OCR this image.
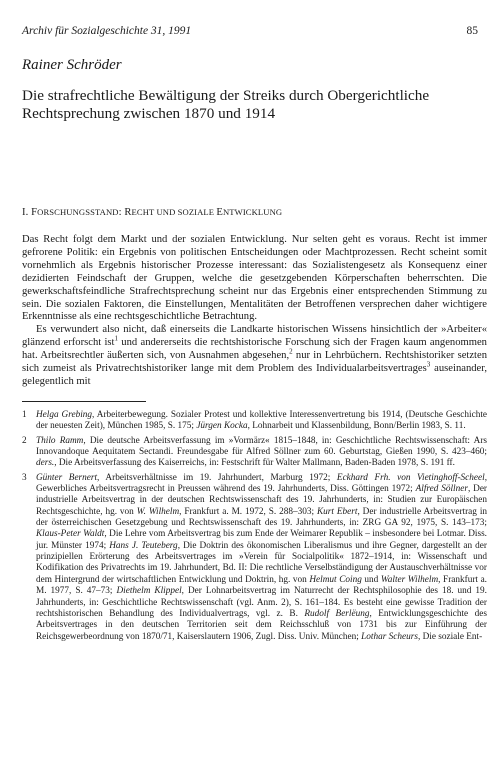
Archiv für Sozialgeschichte 31, 1991	85
Rainer Schröder
Die strafrechtliche Bewältigung der Streiks durch Obergerichtliche Rechtsprechung zwischen 1870 und 1914
I. FORSCHUNGSSTAND: RECHT UND SOZIALE ENTWICKLUNG

Das Recht folgt dem Markt und der sozialen Entwicklung. Nur selten geht es voraus. Recht ist immer gefrorene Politik: ein Ergebnis von politischen Entscheidungen oder Machtprozessen. Recht scheint somit vornehmlich als Ergebnis historischer Prozesse interessant: das Sozialistengesetz als Konsequenz einer dezidierten Feindschaft der Gruppen, welche die gesetzgebenden Körperschaften beherrschten. Die gewerkschaftsfeindliche Strafrechtsprechung scheint nur das Ergebnis einer entsprechenden Stimmung zu sein. Die sozialen Faktoren, die Einstellungen, Mentalitäten der Betroffenen versprechen daher wichtigere Erkenntnisse als eine rechtsgeschichtliche Betrachtung.

Es verwundert also nicht, daß einerseits die Landkarte historischen Wissens hinsichtlich der »Arbeiter« glänzend erforscht ist$^1$ und andererseits die rechtshistorische Forschung sich der Fragen kaum angenommen hat. Arbeitsrechtler äußerten sich, von Ausnahmen abgesehen,$^2$ nur in Lehrbüchern. Rechtshistoriker setzten sich zumeist als Privatrechtshistoriker lange mit dem Problem des Individualarbeitsvertrages$^3$ auseinander, gelegentlich mit

1 Helga Grebing, Arbeiterbewegung. Sozialer Protest und kollektive Interessenvertretung bis 1914, (Deutsche Geschichte der neuesten Zeit), München 1985, S. 175; Jürgen Kocka, Lohnarbeit und Klassenbildung, Bonn/Berlin 1983, S. 11.

2 Thilo Ramm, Die deutsche Arbeitsverfassung im »Vormärz« 1815–1848, in: Geschichtliche Rechtswissenschaft: Ars Innovandoque Aequitatem Sectandi. Freundesgabe für Alfred Söllner zum 60. Geburtstag, Gießen 1990, S. 423–460; ders., Die Arbeitsverfassung des Kaiserreichs, in: Festschrift für Walter Mallmann, Baden-Baden 1978, S. 191 ff.

3 Günter Bernert, Arbeitsverhältnisse im 19. Jahrhundert, Marburg 1972; Eckhard Frh. von Vietinghoff-Scheel, Gewerbliches Arbeitsvertragsrecht in Preussen während des 19. Jahrhunderts, Diss. Göttingen 1972; Alfred Söllner, Der industrielle Arbeitsvertrag in der deutschen Rechtswissenschaft des 19. Jahrhunderts, in: Studien zur Europäischen Rechtsgeschichte, hg. von W. Wilhelm, Frankfurt a. M. 1972, S. 288–303; Kurt Ebert, Der industrielle Arbeitsvertrag in der österreichischen Gesetzgebung und Rechtswissenschaft des 19. Jahrhunderts, in: ZRG GA 92, 1975, S. 143–173; Klaus-Peter Waldt, Die Lehre vom Arbeitsvertrag bis zum Ende der Weimarer Republik – insbesondere bei Lotmar. Diss. jur. Münster 1974; Hans J. Teuteberg, Die Doktrin des ökonomischen Liberalismus und ihre Gegner, dargestellt an der prinzipiellen Erörterung des Arbeitsvertrages im »Verein für Socialpolitik« 1872–1914, in: Wissenschaft und Kodifikation des Privatrechts im 19. Jahrhundert, Bd. II: Die rechtliche Verselbständigung der Austauschverhältnisse vor dem Hintergrund der wirtschaftlichen Entwicklung und Doktrin, hg. von Helmut Coing und Walter Wilhelm, Frankfurt a. M. 1977, S. 47–73; Diethelm Klippel, Der Lohnarbeitsvertrag im Naturrecht der Rechtsphilosophie des 18. und 19. Jahrhunderts, in: Geschichtliche Rechtswissenschaft (vgl. Anm. 2), S. 161–184. Es besteht eine gewisse Tradition der rechtshistorischen Behandlung des Individualvertrags, vgl. z. B. Rudolf Berlëung, Entwicklungsgeschichte des Arbeitsvertrages in den deutschen Territorien seit dem Reichsschluß von 1731 bis zur Einführung der Reichsgewerbeordnung von 1870/71, Kaiserslautern 1906, Zugl. Diss. Univ. München; Lothar Scheurs, Die soziale Ent-
